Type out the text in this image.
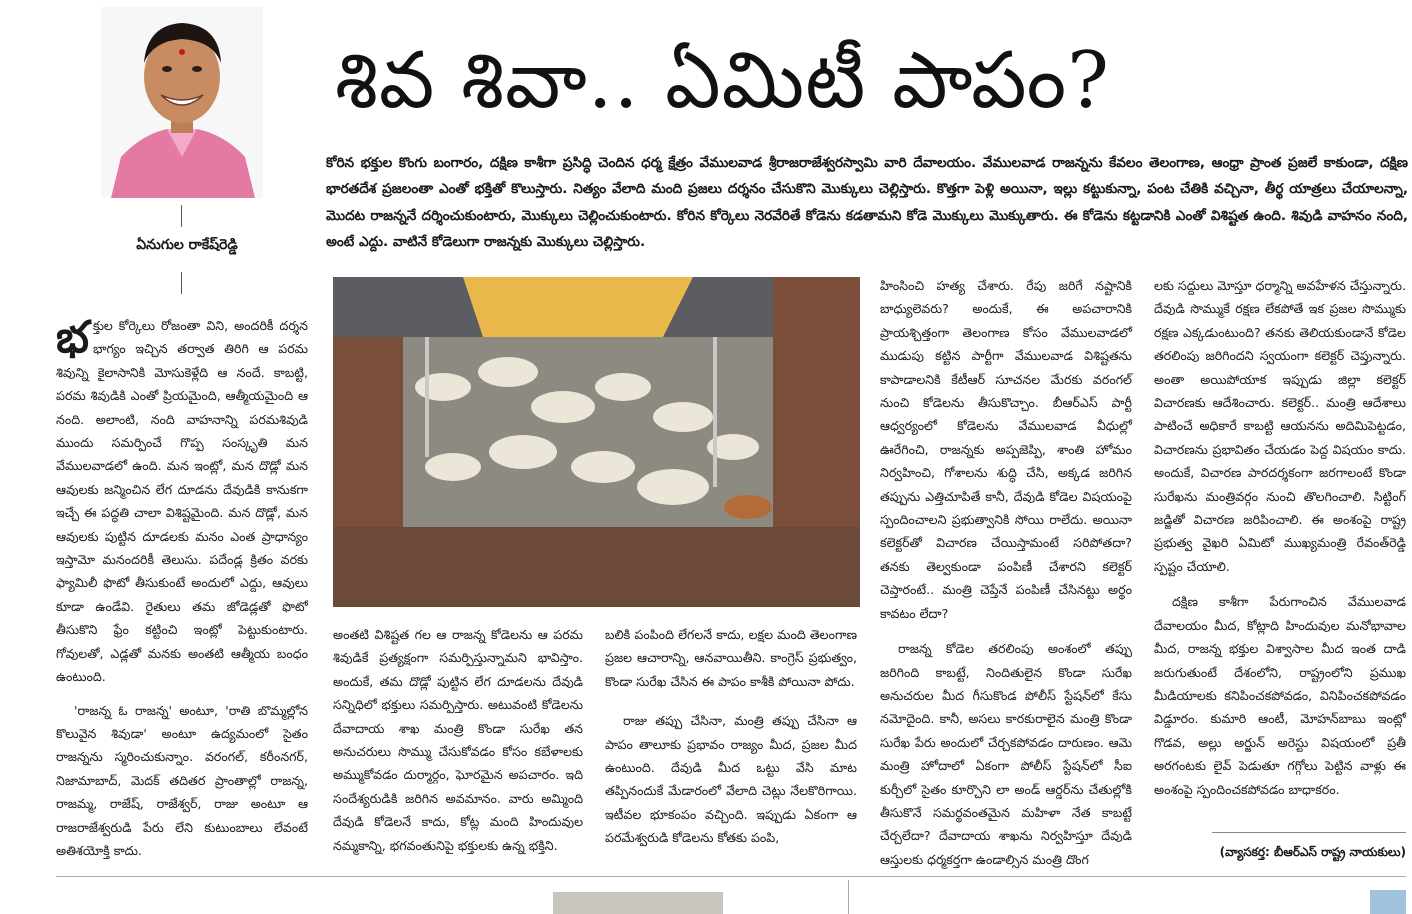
ఏనుగుల రాకేష్‌రెడ్డి
శివ శివా.. ఏమిటీ పాపం?

కోరిన భక్తుల కొంగు బంగారం, దక్షిణ కాశీగా ప్రసిద్ధి చెందిన ధర్మ క్షేత్రం వేములవాడ శ్రీరాజరాజేశ్వరస్వామి వారి దేవాలయం. వేములవాడ రాజన్నను కేవలం తెలంగాణ, ఆంధ్రా ప్రాంత ప్రజలే కాకుండా, దక్షిణ భారతదేశ ప్రజలంతా ఎంతో భక్తితో కొలుస్తారు. నిత్యం వేలాది మంది ప్రజలు దర్శనం చేసుకొని మొక్కులు చెల్లిస్తారు. కొత్తగా పెళ్లి అయినా, ఇల్లు కట్టుకున్నా, పంట చేతికి వచ్చినా, తీర్థ యాత్రలు చేయాలన్నా, మొదట రాజన్ననే దర్శించుకుంటారు, మొక్కులు చెల్లించుకుంటారు. కోరిన కోర్కెలు నెరవేరితే కోడెను కడతామని కోడె మొక్కులు మొక్కుతారు. ఈ కోడెను కట్టడానికి ఎంతో విశిష్టత ఉంది. శివుడి వాహనం నంది, అంటే ఎద్దు. వాటినే కోడెలుగా రాజన్నకు మొక్కులు చెల్లిస్తారు.

భక్తుల కోర్కెలు రోజంతా విని, అందరికీ దర్శన భాగ్యం ఇచ్చిన తర్వాత తిరిగి ఆ పరమ శివున్ని కైలాసానికి మోసుకెళ్లేది ఆ నందే. కాబట్టి, పరమ శివుడికి ఎంతో ప్రియమైంది, ఆత్మీయమైంది ఆ నంది. అలాంటి, నంది వాహనాన్ని పరమశివుడి ముందు సమర్పించే గొప్ప సంస్కృతి మన వేములవాడలో ఉంది. మన ఇంట్లో, మన దొడ్లో మన ఆవులకు జన్మించిన లేగ దూడను దేవుడికి కానుకగా ఇచ్చే ఈ పద్ధతి చాలా విశిష్టమైంది. మన దొడ్లో, మన ఆవులకు పుట్టిన దూడలకు మనం ఎంత ప్రాధాన్యం ఇస్తామో మనందరికీ తెలుసు. పదేండ్ల క్రితం వరకు ఫ్యామిలీ ఫొటో తీసుకుంటే అందులో ఎద్దు, ఆవులు కూడా ఉండేవి. రైతులు తమ జోడెడ్లతో ఫొటో తీసుకొని ఫ్రేం కట్టించి ఇంట్లో పెట్టుకుంటారు. గోవులతో, ఎడ్లతో మనకు అంతటి ఆత్మీయ బంధం ఉంటుంది.

'రాజన్న ఓ రాజన్న' అంటూ, 'రాతి బొమ్మల్లోన కొలువైన శివుడా' అంటూ ఉద్యమంలో సైతం రాజన్నను స్మరించుకున్నాం. వరంగల్, కరీంనగర్, నిజామాబాద్, మెదక్ తదితర ప్రాంతాల్లో రాజన్న, రాజమ్మ, రాజేష్, రాజేశ్వర్, రాజు అంటూ ఆ రాజరాజేశ్వరుడి పేరు లేని కుటుంబాలు లేవంటే అతిశయోక్తి కాదు.

అంతటి విశిష్టత గల ఆ రాజన్న కోడెలను ఆ పరమ శివుడికే ప్రత్యక్షంగా సమర్పిస్తున్నామని భావిస్తాం. అందుకే, తమ దొడ్లో పుట్టిన లేగ దూడలను దేవుడి సన్నిధిలో భక్తులు సమర్పిస్తారు. అటువంటి కోడెలను దేవాదాయ శాఖ మంత్రి కొండా సురేఖ తన అనుచరులు సొమ్ము చేసుకోవడం కోసం కబేళాలకు అమ్ముకోవడం దుర్మార్గం, ఘోరమైన అపచారం. ఇది సందేశ్యరుడికి జరిగిన అవమానం. వారు అమ్మింది దేవుడి కోడెలనే కాదు, కోట్ల మంది హిందువుల నమ్మకాన్ని, భగవంతునిపై భక్తులకు ఉన్న భక్తిని.

బలికి పంపింది లేగలనే కాదు, లక్షల మంది తెలంగాణ ప్రజల ఆచారాన్ని, ఆనవాయితీని. కాంగ్రెస్ ప్రభుత్వం, కొండా సురేఖ చేసిన ఈ పాపం కాశీకి పోయినా పోదు.

రాజు తప్పు చేసినా, మంత్రి తప్పు చేసినా ఆ పాపం తాలూకు ప్రభావం రాజ్యం మీద, ప్రజల మీద ఉంటుంది. దేవుడి మీద ఒట్టు వేసి మాట తప్పినందుకే మేడారంలో వేలాది చెట్లు నేలకొరిగాయి. ఇటీవల భూకంపం వచ్చింది. ఇప్పుడు ఏకంగా ఆ పరమేశ్వరుడి కోడెలను కోతకు పంపి,

హింసించి హత్య చేశారు. రేపు జరిగే నష్టానికి బాధ్యులెవరు? అందుకే, ఈ అపచారానికి ప్రాయశ్చిత్తంగా తెలంగాణ కోసం వేములవాడలో ముడుపు కట్టిన పార్టీగా వేములవాడ విశిష్టతను కాపాడాలనికి కేటీఆర్ సూచనల మేరకు వరంగల్ నుంచి కోడెలను తీసుకొచ్చాం. బీఆర్ఎస్ పార్టీ ఆధ్వర్యంలో కోడెలను వేములవాడ వీధుల్లో ఊరేగించి, రాజన్నకు అప్పజెప్పి, శాంతి హోమం నిర్వహించి, గోశాలను శుద్ధి చేసి, అక్కడ జరిగిన తప్పును ఎత్తిచూపితే కానీ, దేవుడి కోడెల విషయంపై స్పందించాలని ప్రభుత్వానికి సోయి రాలేదు. అయినా కలెక్టర్‌తో విచారణ చేయిస్తామంటే సరిపోతదా? తనకు తెల్వకుండా పంపిణీ చేశారని కలెక్టర్ చెప్తారంటే.. మంత్రి చెప్తేనే పంపిణీ చేసినట్టు అర్థం కావటం లేదా?

రాజన్న కోడెల తరలింపు అంశంలో తప్పు జరిగింది కాబట్టే, నిందితులైన కొండా సురేఖ అనుచరుల మీద గీసుకొండ పోలీస్ స్టేషన్‌లో కేసు నమోదైంది. కానీ, అసలు కారకురాలైన మంత్రి కొండా సురేఖ పేరు అందులో చేర్చకపోవడం దారుణం. ఆమె మంత్రి హోదాలో ఏకంగా పోలీస్ స్టేషన్‌లో సీఐ కుర్చీలో సైతం కూర్చొని లా అండ్ ఆర్డర్‌ను చేతుల్లోకి తీసుకొనే సమర్థవంతమైన మహిళా నేత కాబట్టే చేర్చలేదా? దేవాదాయ శాఖను నిర్వహిస్తూ దేవుడి ఆస్తులకు ధర్మకర్తగా ఉండాల్సిన మంత్రి దొంగ

లకు సద్దులు మోస్తూ ధర్మాన్ని అవహేళన చేస్తున్నారు. దేవుడి సొమ్ముకే రక్షణ లేకపోతే ఇక ప్రజల సొమ్ముకు రక్షణ ఎక్కడుంటుంది? తనకు తెలియకుండానే కోడెల తరలింపు జరిగిందని స్వయంగా కలెక్టర్ చెప్తున్నారు. అంతా అయిపోయాక ఇప్పుడు జిల్లా కలెక్టర్ విచారణకు ఆదేశించారు. కలెక్టర్.. మంత్రి ఆదేశాలు పాటించే అధికారే కాబట్టి ఆయనను అదిమిపెట్టడం, విచారణను ప్రభావితం చేయడం పెద్ద విషయం కాదు. అందుకే, విచారణ పారదర్శకంగా జరగాలంటే కొండా సురేఖను మంత్రివర్గం నుంచి తొలగించాలి. సిట్టింగ్ జడ్జితో విచారణ జరిపించాలి. ఈ అంశంపై రాష్ట్ర ప్రభుత్వ వైఖరి ఏమిటో ముఖ్యమంత్రి రేవంత్‌రెడ్డి స్పష్టం చేయాలి.

దక్షిణ కాశీగా పేరుగాంచిన వేములవాడ దేవాలయం మీద, కోట్లాది హిందువుల మనోభావాల మీద, రాజన్న భక్తుల విశ్వాసాల మీద ఇంత దాడి జరుగుతుంటే దేశంలోని, రాష్ట్రంలోని ప్రముఖ మీడియాలకు కనిపించకపోవడం, వినిపించకపోవడం విడ్డూరం. కుమారి ఆంటీ, మోహన్‌బాబు ఇంట్లో గొడవ, అల్లు అర్జున్ అరెస్టు విషయంలో ప్రతీ అరగంటకు లైవ్ పెడుతూ గగ్గోలు పెట్టిన వాళ్లు ఈ అంశంపై స్పందించకపోవడం బాధాకరం.

(వ్యాసకర్త: బీఆర్ఎస్ రాష్ట్ర నాయకులు)
